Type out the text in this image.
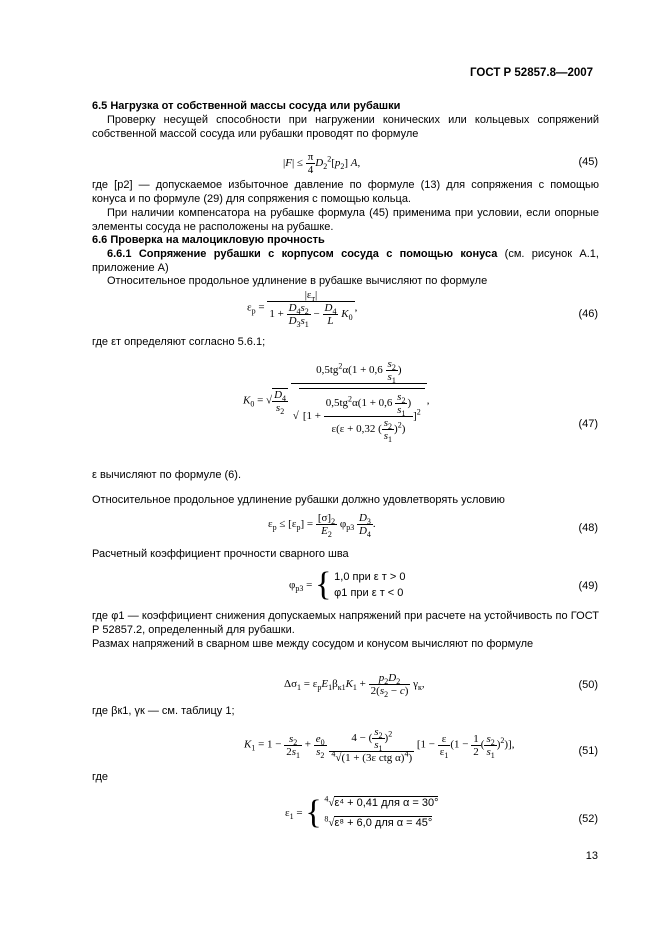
ГОСТ Р 52857.8—2007
6.5 Нагрузка от собственной массы сосуда или рубашки
Проверку несущей способности при нагружении конических или кольцевых сопряжений собственной массой сосуда или рубашки проводят по формуле
$|F| \le \frac{\pi}{4} D_2^2[p_2]$ A,	(45)
где [p2] — допускаемое избыточное давление по формуле (13) для сопряжения с помощью конуса и по формуле (29) для сопряжения с помощью кольца.
При наличии компенсатора на рубашке формула (45) применима при условии, если опорные элементы сосуда не расположены на рубашке.
6.6 Проверка на малоцикловую прочность
6.6.1 Сопряжение рубашки с корпусом сосуда с помощью конуса (см. рисунок А.1, приложение А)
Относительное продольное удлинение в рубашке вычисляют по формуле
$\varepsilon_p$ =
$|\varepsilon_т|$
$1 + \frac{D_4s_2}{D_3s_1} - \frac{D_4}{L} K_0$
,
(46)
где εт определяют согласно 5.6.1;
$K_0$ = √ $\frac{D_4}{s_2}$
$\frac{0,5tg^2\alpha(1 + 0,6 \frac{s_2}{s_1} )}{√ [1 + \frac{0,5tg^2\alpha(1 + 0,6 \frac{s_2}{s_1} )}{\varepsilon(\varepsilon + 0,32 ( \frac{s_2}{s_1} )^2)} ]^2}$ ,
(47)
ε вычисляют по формуле (6).
Относительное продольное удлинение рубашки должно удовлетворять условию
$\varepsilon_p \le [\varepsilon_p] = \frac{[\sigma]_2}{E_2} \varphi_{p3} \frac{D_3}{D_4}$ .	(48)
Расчетный коэффициент прочности сварного шва
$\varphi_{p3}$ = { 1,0 при ε т > 0
φ1 при ε т < 0
(49)
где φ1 — коэффициент снижения допускаемых напряжений при расчете на устойчивость по ГОСТ Р 52857.2, определенный для рубашки.
Размах напряжений в сварном шве между сосудом и конусом вычисляют по формуле
$\Delta\sigma_1 = \varepsilon_pE_1\beta_{к1}K_1 + \frac{p_2D_2}{2(s_2 - c)} \gamma_к$,	(50)
где βк1, γк — см. таблицу 1;
$K_1 = 1 - \frac{s_2}{2s_1} + \frac{e_0}{s_2}$
	4 − ( $\frac{s_2}{s_1} )^2$
$^4$√(1 + (3ε ctg α)$^4$)
[$1 - \frac{\varepsilon}{\varepsilon_1} (1 - \frac{1}{2}$ ( $\frac{s_2}{s_1} )^2$)],
(51)
где
$\varepsilon_1$ = { $^4$√ε⁴ + 0,41 для α = 30°
$^8$√ε⁸ + 6,0 для α = 45°	(52)
13
